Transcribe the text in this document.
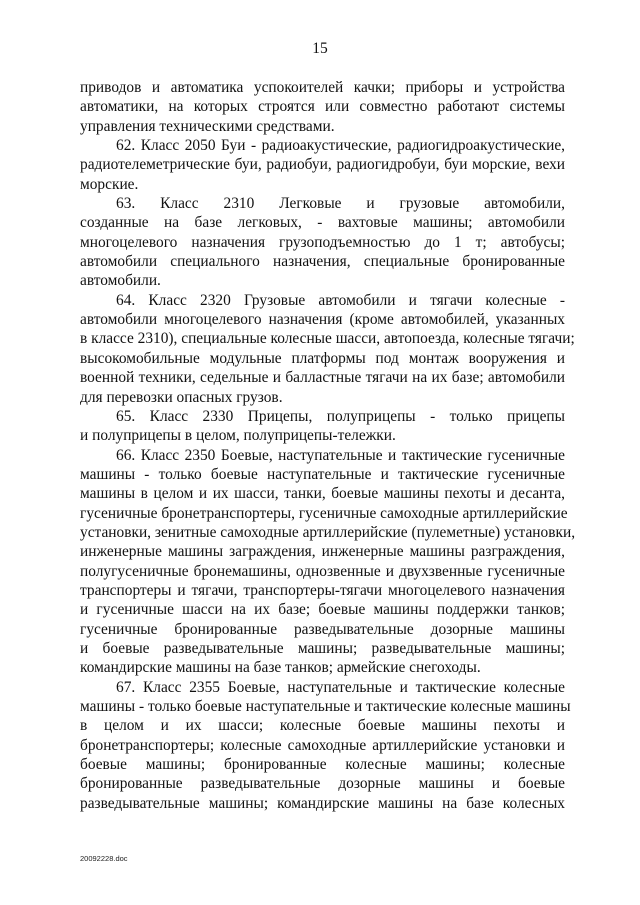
15
приводов и автоматика успокоителей качки; приборы и устройства
автоматики, на которых строятся или совместно работают системы
управления техническими средствами.
62. Класс 2050 Буи - радиоакустические, радиогидроакустические,
радиотелеметрические буи, радиобуи, радиогидробуи, буи морские, вехи
морские.
63. Класс 2310 Легковые и грузовые автомобили,
созданные на базе легковых, - вахтовые машины; автомобили
многоцелевого назначения грузоподъемностью до 1 т; автобусы;
автомобили специального назначения, специальные бронированные
автомобили.
64. Класс 2320 Грузовые автомобили и тягачи колесные -
автомобили многоцелевого назначения (кроме автомобилей, указанных
в классе 2310), специальные колесные шасси, автопоезда, колесные тягачи;
высокомобильные модульные платформы под монтаж вооружения и
военной техники, седельные и балластные тягачи на их базе; автомобили
для перевозки опасных грузов.
65. Класс 2330 Прицепы, полуприцепы - только прицепы
и полуприцепы в целом, полуприцепы-тележки.
66. Класс 2350 Боевые, наступательные и тактические гусеничные
машины - только боевые наступательные и тактические гусеничные
машины в целом и их шасси, танки, боевые машины пехоты и десанта,
гусеничные бронетранспортеры, гусеничные самоходные артиллерийские
установки, зенитные самоходные артиллерийские (пулеметные) установки,
инженерные машины заграждения, инженерные машины разграждения,
полугусеничные бронемашины, однозвенные и двухзвенные гусеничные
транспортеры и тягачи, транспортеры-тягачи многоцелевого назначения
и гусеничные шасси на их базе; боевые машины поддержки танков;
гусеничные бронированные разведывательные дозорные машины
и боевые разведывательные машины; разведывательные машины;
командирские машины на базе танков; армейские снегоходы.
67. Класс 2355 Боевые, наступательные и тактические колесные
машины - только боевые наступательные и тактические колесные машины
в целом и их шасси; колесные боевые машины пехоты и
бронетранспортеры; колесные самоходные артиллерийские установки и
боевые машины; бронированные колесные машины; колесные
бронированные разведывательные дозорные машины и боевые
разведывательные машины; командирские машины на базе колесных
20092228.doc
